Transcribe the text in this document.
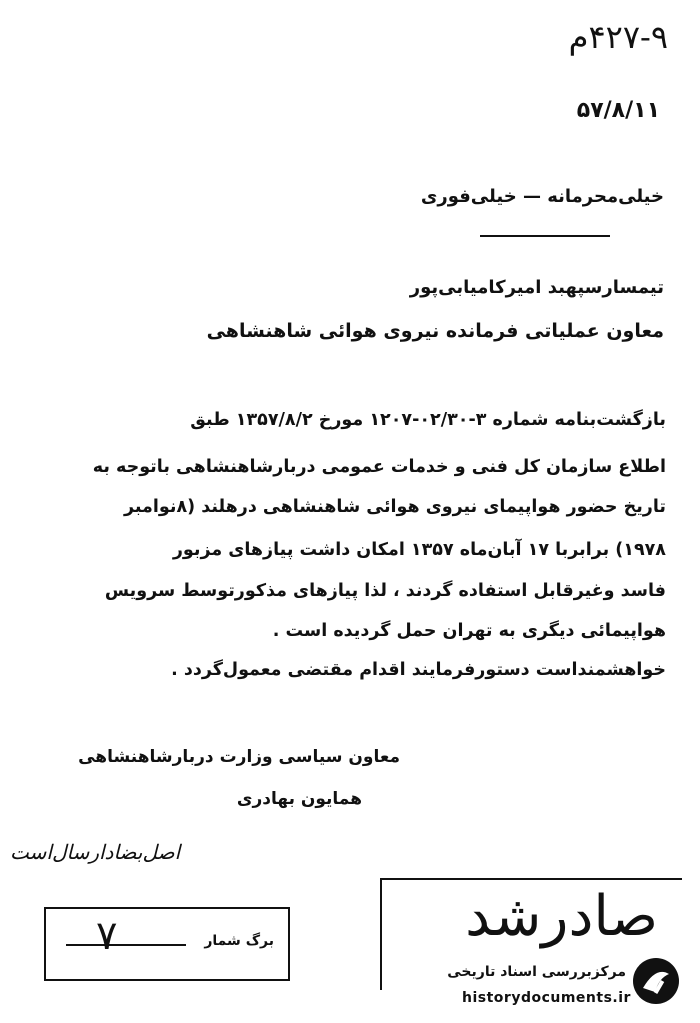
۴۲۷-۹م
۵۷/۸/۱۱
خیلی‌محرمانه — خیلی‌فوری
تیمسارسپهبد امیرکامیابی‌پور
معاون عملیاتی فرمانده نیروی هوائی شاهنشاهی
بازگشت‌بنامه شماره ۳-۰۲/۳۰-۱۲۰۷ مورخ ۱۳۵۷/۸/۲ طبق
اطلاع سازمان کل فنی و خدمات عمومی دربارشاهنشاهی باتوجه به
تاریخ حضور هواپیمای نیروی هوائی شاهنشاهی درهلند (۸نوامبر
۱۹۷۸) برابربا ۱۷ آبان‌ماه ۱۳۵۷ امکان داشت پیازهای مزبور
فاسد وغیرقابل استفاده گردند ، لذا پیازهای مذکورتوسط سرویس
هواپیمائی دیگری به تهران حمل گردیده است .
خواهشمنداست دستورفرمایند اقدام مقتضی معمول‌گردد .
معاون سیاسی وزارت دربارشاهنشاهی
همایون بهادری
اصل‌بضاد‌ارسال‌است
۷	برگ شمار	صادرشد
مرکزبررسی اسناد تاریخی
historydocuments.ir
